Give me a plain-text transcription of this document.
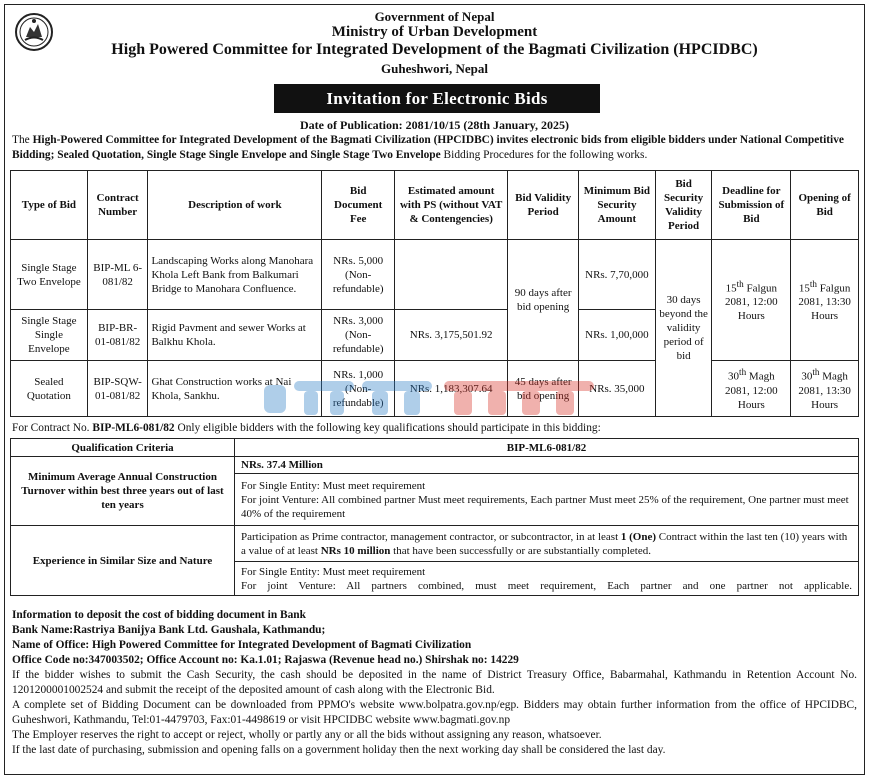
Government of Nepal
Ministry of Urban Development
High Powered Committee for Integrated Development of the Bagmati Civilization (HPCIDBC)
Guheshwori, Nepal
Invitation for Electronic Bids
Date of Publication: 2081/10/15 (28th January, 2025)
The High-Powered Committee for Integrated Development of the Bagmati Civilization (HPCIDBC) invites electronic bids from eligible bidders under National Competitive Bidding; Sealed Quotation, Single Stage Single Envelope and Single Stage Two Envelope Bidding Procedures for the following works.
Type of Bid	Contract Number	Description of work	Bid Document Fee	Estimated amount with PS (without VAT & Contengencies)	Bid Validity Period	Minimum Bid Security Amount	Bid Security Validity Period	Deadline for Submission of Bid	Opening of Bid
Single Stage Two Envelope	BIP-ML 6-081/82	Landscaping Works along Manohara Khola Left Bank from Balkumari Bridge to Manohara Confluence.	NRs. 5,000 (Non-refundable)		90 days after bid opening	NRs. 7,70,000	30 days beyond the validity period of bid	15th Falgun 2081, 12:00 Hours	15th Falgun 2081, 13:30 Hours
Single Stage Single Envelope	BIP-BR-01-081/82	Rigid Pavment and sewer Works at Balkhu Khola.	NRs. 3,000 (Non-refundable)	NRs. 3,175,501.92		NRs. 1,00,000			
Sealed Quotation	BIP-SQW-01-081/82	Ghat Construction works at Nai Khola, Sankhu.	NRs. 1,000 (Non-refundable)	NRs. 1,183,307.64	45 days after bid opening	NRs. 35,000		30th Magh 2081, 12:00 Hours	30th Magh 2081, 13:30 Hours
For Contract No. BIP-ML6-081/82 Only eligible bidders with the following key qualifications should participate in this bidding:
Qualification Criteria	BIP-ML6-081/82
Minimum Average Annual Construction Turnover within best three years out of last ten years	NRs. 37.4 Million

	For Single Entity: Must meet requirement
For joint Venture: All combined partner Must meet requirements, Each partner Must meet 25% of the requirement, One partner must meet 40% of the requirement

Experience in Similar Size and Nature	Participation as Prime contractor, management contractor, or subcontractor, in at least 1 (One) Contract within the last ten (10) years with a value of at least NRs 10 million that have been successfully or are substantially completed.

	For Single Entity: Must meet requirement
For joint Venture: All partners combined, must meet requirement, Each partner and one partner not applicable.

Information to deposit the cost of bidding document in Bank

Bank Name:Rastriya Banijya Bank Ltd. Gaushala, Kathmandu;

Name of Office: High Powered Committee for Integrated Development of Bagmati Civilization

Office Code no:347003502; Office Account no: Ka.1.01; Rajaswa (Revenue head no.) Shirshak no: 14229

If the bidder wishes to submit the Cash Security, the cash should be deposited in the name of District Treasury Office, Babarmahal, Kathmandu in Retention Account No. 1201200001002524 and submit the receipt of the deposited amount of cash along with the Electronic Bid.

A complete set of Bidding Document can be downloaded from PPMO's website www.bolpatra.gov.np/egp. Bidders may obtain further information from the office of HPCIDBC, Guheshwori, Kathmandu, Tel:01-4479703, Fax:01-4498619 or visit HPCIDBC website www.bagmati.gov.np

The Employer reserves the right to accept or reject, wholly or partly any or all the bids without assigning any reason, whatsoever.

If the last date of purchasing, submission and opening falls on a government holiday then the next working day shall be considered the last day.
